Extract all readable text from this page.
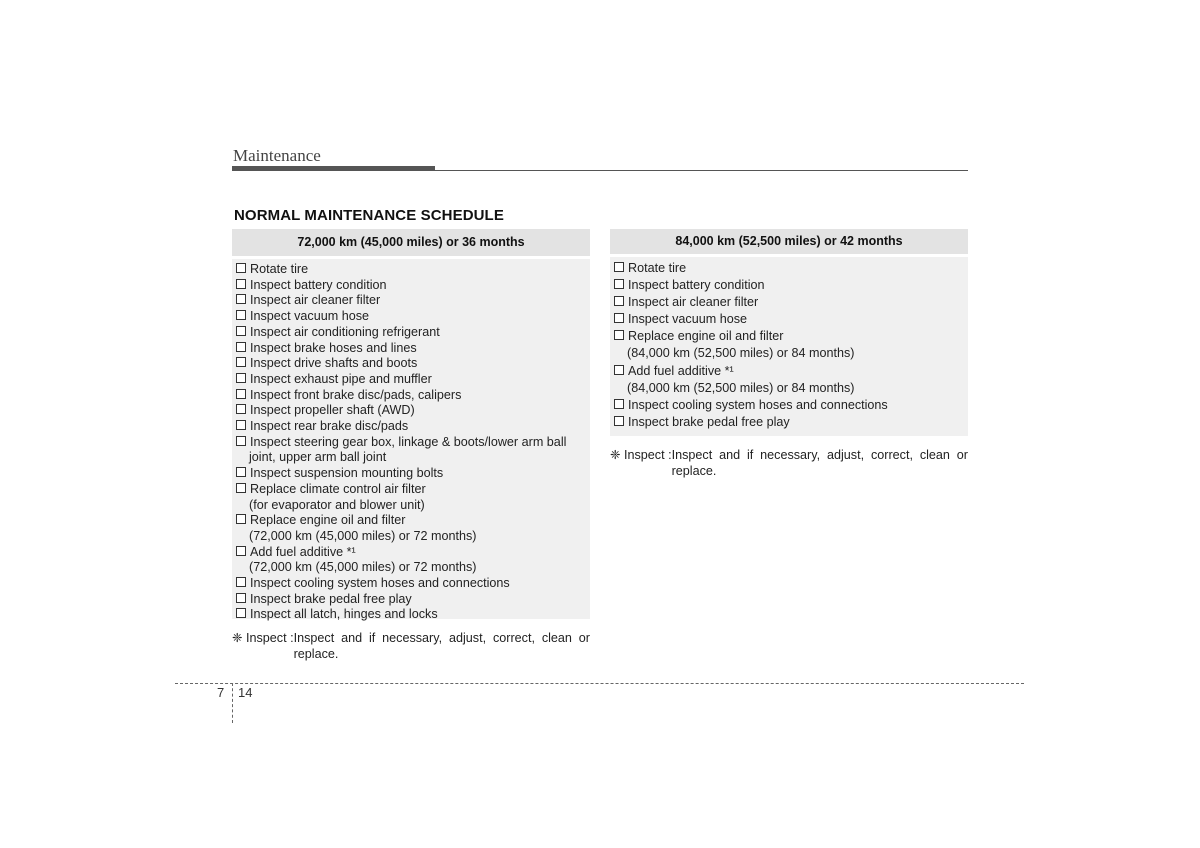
Maintenance
NORMAL MAINTENANCE SCHEDULE
72,000 km (45,000 miles) or 36 months
Rotate tire
Inspect battery condition
Inspect air cleaner filter
Inspect vacuum hose
Inspect air conditioning refrigerant
Inspect brake hoses and lines
Inspect drive shafts and boots
Inspect exhaust pipe and muffler
Inspect front brake disc/pads, calipers
Inspect propeller shaft (AWD)
Inspect rear brake disc/pads
Inspect steering gear box, linkage & boots/lower arm ball
joint, upper arm ball joint
Inspect suspension mounting bolts
Replace climate control air filter
(for evaporator and blower unit)
Replace engine oil and filter
(72,000 km (45,000 miles) or 72 months)
Add fuel additive *¹
(72,000 km (45,000 miles) or 72 months)
Inspect cooling system hoses and connections
Inspect brake pedal free play
Inspect all latch, hinges and locks
❈ Inspect : Inspect and if necessary, adjust, correct, clean or replace.
84,000 km (52,500 miles) or 42 months
Rotate tire
Inspect battery condition
Inspect air cleaner filter
Inspect vacuum hose
Replace engine oil and filter
(84,000 km (52,500 miles) or 84 months)
Add fuel additive *¹
(84,000 km (52,500 miles) or 84 months)
Inspect cooling system hoses and connections
Inspect brake pedal free play
❈ Inspect : Inspect and if necessary, adjust, correct, clean or replace.
7 14
